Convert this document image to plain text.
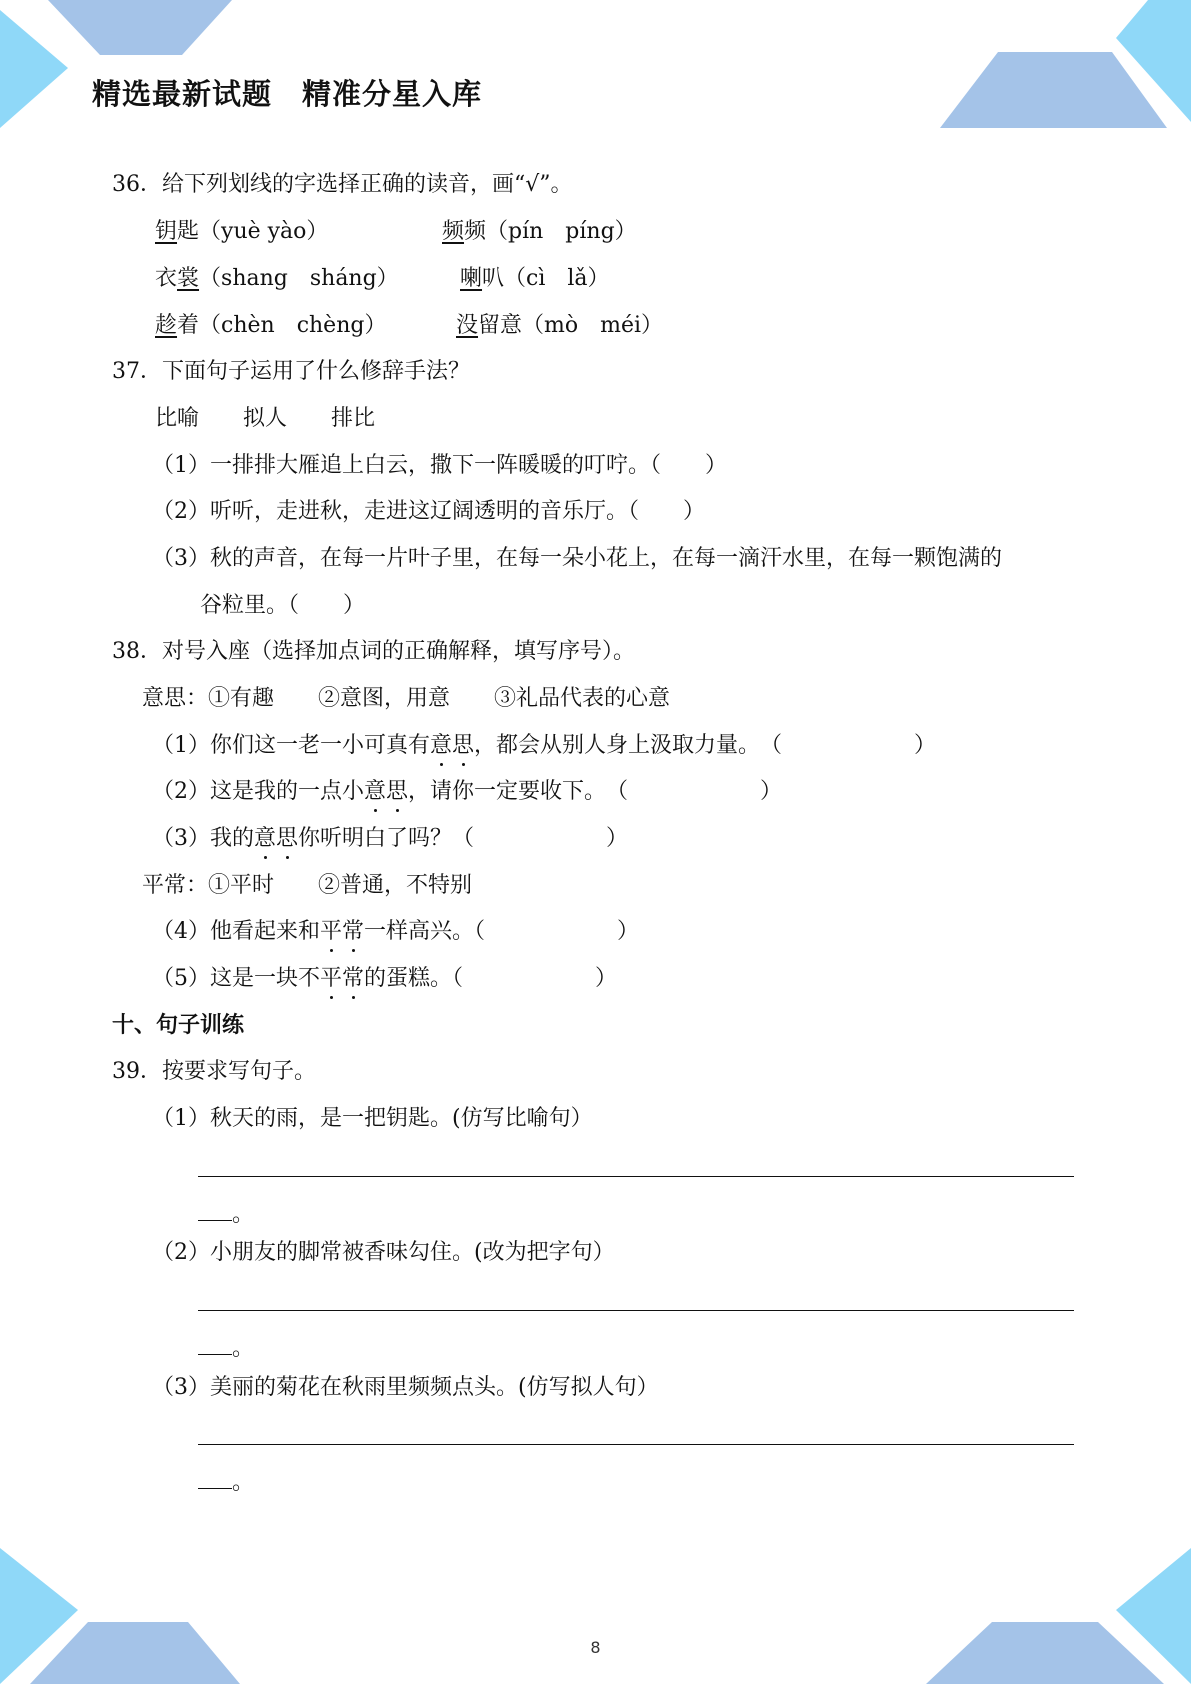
精选最新试题　精准分星入库
36．给下列划线的字选择正确的读音，画“√”。
钥匙（yuè yào）	频频（pín　píng）
衣裳（shang　sháng）	喇叭（cì　lǎ）
趁着（chèn　chèng）	没留意（mò　méi）
37．下面句子运用了什么修辞手法？
比喻　　拟人　　排比
（1）一排排大雁追上白云，撒下一阵暖暖的叮咛。（　　）
（2）听听，走进秋，走进这辽阔透明的音乐厅。（　　）
（3）秋的声音，在每一片叶子里，在每一朵小花上，在每一滴汗水里，在每一颗饱满的
谷粒里。（　　）
38．对号入座（选择加点词的正确解释，填写序号）。
意思：①有趣　　②意图，用意　　③礼品代表的心意
（1）你们这一老一小可真有意思，都会从别人身上汲取力量。　（　　　　　　）
（2）这是我的一点小意思，请你一定要收下。　（　　　　　　）
（3）我的意思你听明白了吗？（　　　　　　）
平常：①平时　　②普通，不特别
（4）他看起来和平常一样高兴。（　　　　　　）
（5）这是一块不平常的蛋糕。（　　　　　　）
十、句子训练
39．按要求写句子。
（1）秋天的雨，是一把钥匙。(仿写比喻句）
。
（2）小朋友的脚常被香味勾住。(改为把字句）
。
（3）美丽的菊花在秋雨里频频点头。(仿写拟人句）
。
8
